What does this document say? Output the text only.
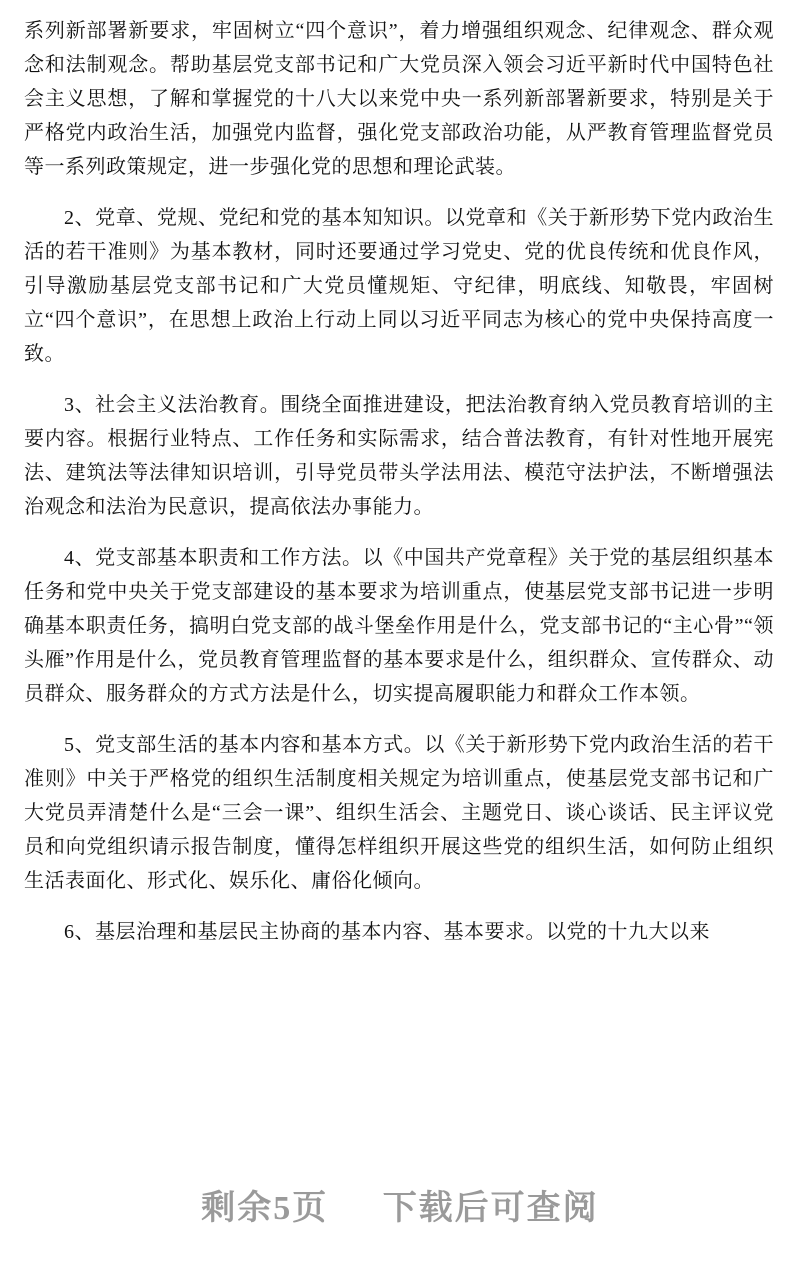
系列新部署新要求，牢固树立“四个意识”，着力增强组织观念、纪律观念、群众观念和法制观念。帮助基层党支部书记和广大党员深入领会习近平新时代中国特色社会主义思想，了解和掌握党的十八大以来党中央一系列新部署新要求，特别是关于严格党内政治生活，加强党内监督，强化党支部政治功能，从严教育管理监督党员等一系列政策规定，进一步强化党的思想和理论武装。

2、党章、党规、党纪和党的基本知知识。以党章和《关于新形势下党内政治生活的若干准则》为基本教材，同时还要通过学习党史、党的优良传统和优良作风，引导激励基层党支部书记和广大党员懂规矩、守纪律，明底线、知敬畏，牢固树立“四个意识”，在思想上政治上行动上同以习近平同志为核心的党中央保持高度一致。

3、社会主义法治教育。围绕全面推进建设，把法治教育纳入党员教育培训的主要内容。根据行业特点、工作任务和实际需求，结合普法教育，有针对性地开展宪法、建筑法等法律知识培训，引导党员带头学法用法、模范守法护法，不断增强法治观念和法治为民意识，提高依法办事能力。

4、党支部基本职责和工作方法。以《中国共产党章程》关于党的基层组织基本任务和党中央关于党支部建设的基本要求为培训重点，使基层党支部书记进一步明确基本职责任务，搞明白党支部的战斗堡垒作用是什么，党支部书记的“主心骨”“领头雁”作用是什么，党员教育管理监督的基本要求是什么，组织群众、宣传群众、动员群众、服务群众的方式方法是什么，切实提高履职能力和群众工作本领。

5、党支部生活的基本内容和基本方式。以《关于新形势下党内政治生活的若干准则》中关于严格党的组织生活制度相关规定为培训重点，使基层党支部书记和广大党员弄清楚什么是“三会一课”、组织生活会、主题党日、谈心谈话、民主评议党员和向党组织请示报告制度，懂得怎样组织开展这些党的组织生活，如何防止组织生活表面化、形式化、娱乐化、庸俗化倾向。

6、基层治理和基层民主协商的基本内容、基本要求。以党的十九大以来

剩余5页 下载后可查阅
